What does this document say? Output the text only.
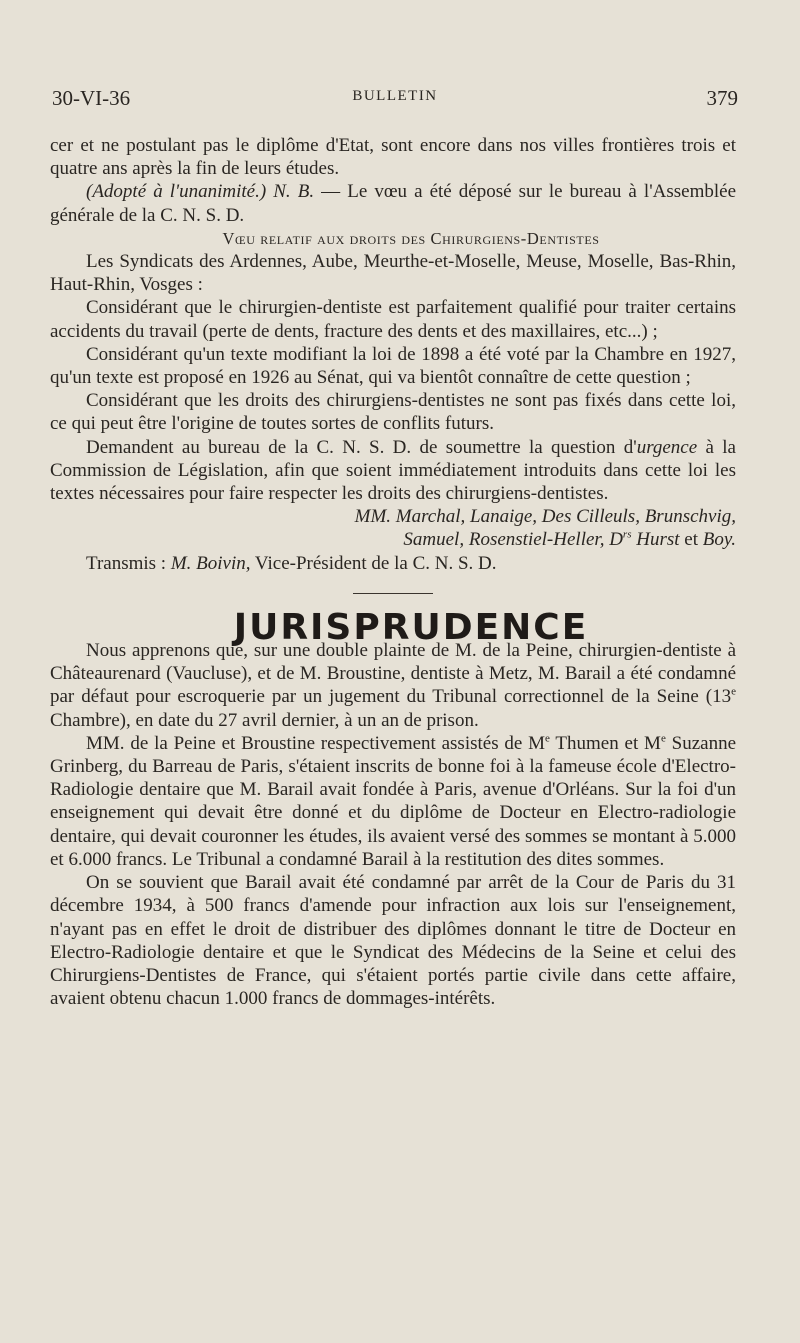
30-VI-36	BULLETIN	379

cer et ne postulant pas le diplôme d'Etat, sont encore dans nos villes frontières trois et quatre ans après la fin de leurs études.

(Adopté à l'unanimité.) N. B. — Le vœu a été déposé sur le bureau à l'Assemblée générale de la C. N. S. D.

Vœu relatif aux droits des Chirurgiens-Dentistes

Les Syndicats des Ardennes, Aube, Meurthe-et-Moselle, Meuse, Moselle, Bas-Rhin, Haut-Rhin, Vosges :

Considérant que le chirurgien-dentiste est parfaitement qualifié pour traiter certains accidents du travail (perte de dents, fracture des dents et des maxillaires, etc...) ;

Considérant qu'un texte modifiant la loi de 1898 a été voté par la Chambre en 1927, qu'un texte est proposé en 1926 au Sénat, qui va bientôt connaître de cette question ;

Considérant que les droits des chirurgiens-dentistes ne sont pas fixés dans cette loi, ce qui peut être l'origine de toutes sortes de conflits futurs.

Demandent au bureau de la C. N. S. D. de soumettre la question d'urgence à la Commission de Législation, afin que soient immédiatement introduits dans cette loi les textes nécessaires pour faire respecter les droits des chirurgiens-dentistes.

MM. Marchal, Lanaige, Des Cilleuls, Brunschvig,

Samuel, Rosenstiel-Heller, $D^{rs}$ Hurst et Boy.

Transmis : M. Boivin, Vice-Président de la C. N. S. D.

JURISPRUDENCE

Nous apprenons que, sur une double plainte de M. de la Peine, chirurgien-dentiste à Châteaurenard (Vaucluse), et de M. Broustine, dentiste à Metz, M. Barail a été condamné par défaut pour escroquerie par un jugement du Tribunal correctionnel de la Seine (13e Chambre), en date du 27 avril dernier, à un an de prison.

MM. de la Peine et Broustine respectivement assistés de Me Thumen et Me Suzanne Grinberg, du Barreau de Paris, s'étaient inscrits de bonne foi à la fameuse école d'Electro-Radiologie dentaire que M. Barail avait fondée à Paris, avenue d'Orléans. Sur la foi d'un enseignement qui devait être donné et du diplôme de Docteur en Electro-radiologie dentaire, qui devait couronner les études, ils avaient versé des sommes se montant à 5.000 et 6.000 francs. Le Tribunal a condamné Barail à la restitution des dites sommes.

On se souvient que Barail avait été condamné par arrêt de la Cour de Paris du 31 décembre 1934, à 500 francs d'amende pour infraction aux lois sur l'enseignement, n'ayant pas en effet le droit de distribuer des diplômes donnant le titre de Docteur en Electro-Radiologie dentaire et que le Syndicat des Médecins de la Seine et celui des Chirurgiens-Dentistes de France, qui s'étaient portés partie civile dans cette affaire, avaient obtenu chacun 1.000 francs de dommages-intérêts.
